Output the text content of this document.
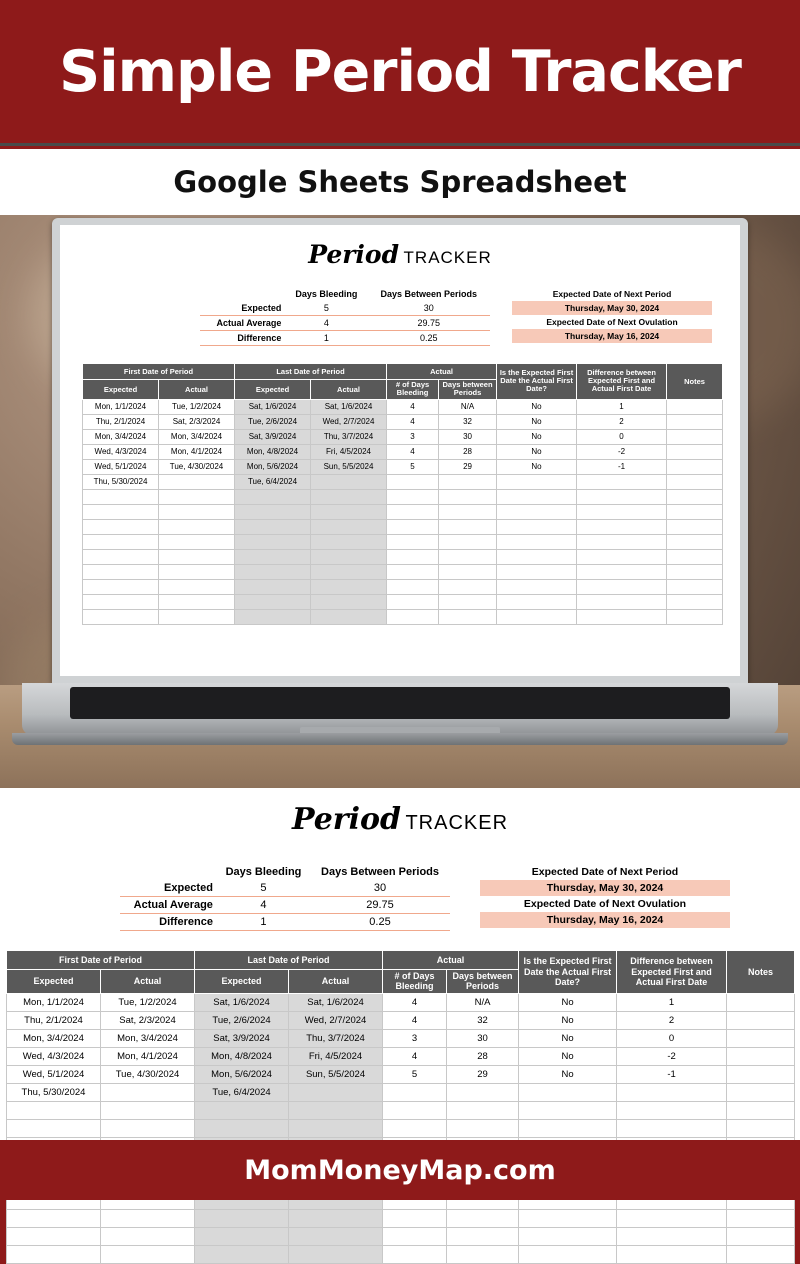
Simple Period Tracker
Google Sheets Spreadsheet
Period TRACKER
	Days Bleeding	Days Between Periods
Expected	5	30
Actual Average	4	29.75
Difference	1	0.25
Expected Date of Next Period
Thursday, May 30, 2024
Expected Date of Next Ovulation
Thursday, May 16, 2024
First Date of Period		Last Date of Period		Actual		Is the Expected First Date the Actual First Date?	Difference between Expected First and Actual First Date	Notes
Expected	Actual	Expected	Actual	# of Days Bleeding	Days between Periods			
Mon, 1/1/2024	Tue, 1/2/2024	Sat, 1/6/2024	Sat, 1/6/2024	4	N/A	No	1	
Thu, 2/1/2024	Sat, 2/3/2024	Tue, 2/6/2024	Wed, 2/7/2024	4	32	No	2	
Mon, 3/4/2024	Mon, 3/4/2024	Sat, 3/9/2024	Thu, 3/7/2024	3	30	No	0	
Wed, 4/3/2024	Mon, 4/1/2024	Mon, 4/8/2024	Fri, 4/5/2024	4	28	No	-2	
Wed, 5/1/2024	Tue, 4/30/2024	Mon, 5/6/2024	Sun, 5/5/2024	5	29	No	-1	
Thu, 5/30/2024		Tue, 6/4/2024						

Period TRACKER
	Days Bleeding	Days Between Periods
Expected	5	30
Actual Average	4	29.75
Difference	1	0.25
Expected Date of Next Period
Thursday, May 30, 2024
Expected Date of Next Ovulation
Thursday, May 16, 2024
First Date of Period		Last Date of Period		Actual		Is the Expected First Date the Actual First Date?	Difference between Expected First and Actual First Date	Notes
Expected	Actual	Expected	Actual	# of Days Bleeding	Days between Periods			
Mon, 1/1/2024	Tue, 1/2/2024	Sat, 1/6/2024	Sat, 1/6/2024	4	N/A	No	1	
Thu, 2/1/2024	Sat, 2/3/2024	Tue, 2/6/2024	Wed, 2/7/2024	4	32	No	2	
Mon, 3/4/2024	Mon, 3/4/2024	Sat, 3/9/2024	Thu, 3/7/2024	3	30	No	0	
Wed, 4/3/2024	Mon, 4/1/2024	Mon, 4/8/2024	Fri, 4/5/2024	4	28	No	-2	
Wed, 5/1/2024	Tue, 4/30/2024	Mon, 5/6/2024	Sun, 5/5/2024	5	29	No	-1	
Thu, 5/30/2024		Tue, 6/4/2024						

MomMoneyMap.com
